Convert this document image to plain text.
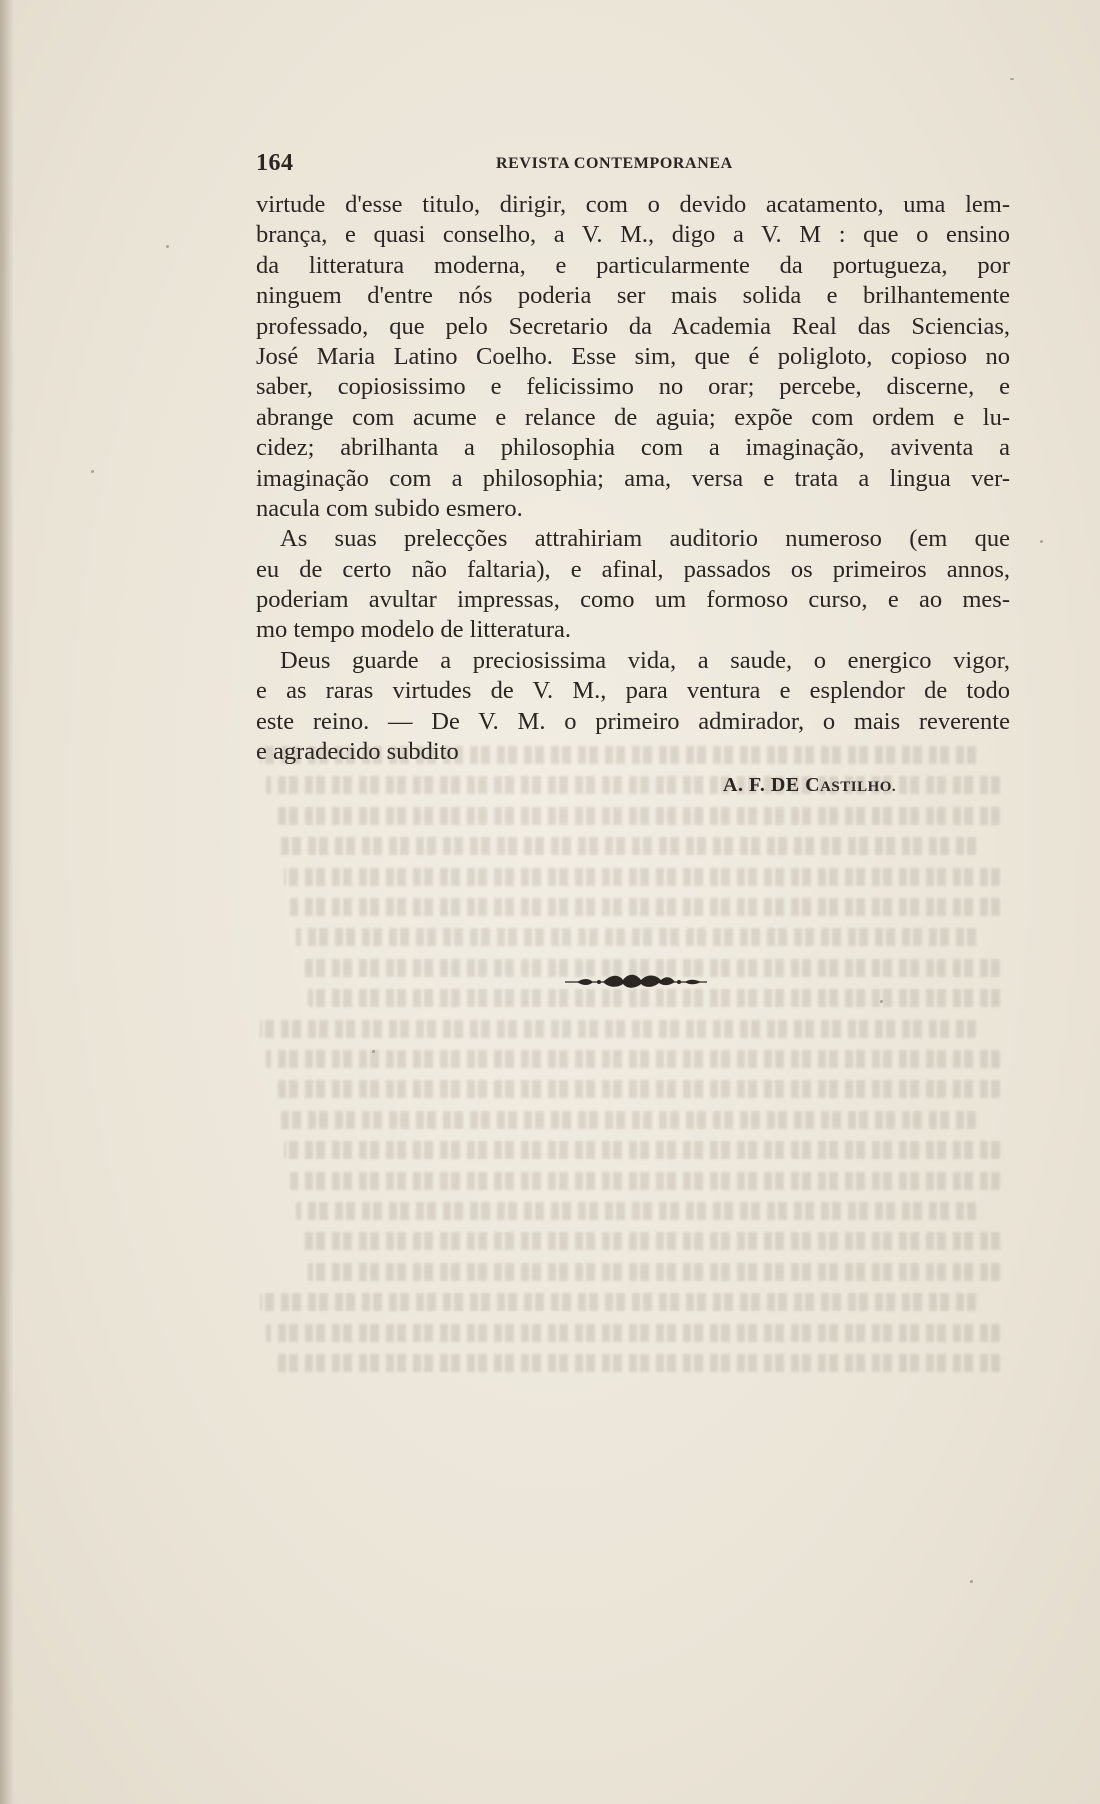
164	REVISTA CONTEMPORANEA
virtude d'esse titulo, dirigir, com o devido acatamento, uma lem-
brança, e quasi conselho, a V. M., digo a V. M : que o ensino
da litteratura moderna, e particularmente da portugueza, por
ninguem d'entre nós poderia ser mais solida e brilhantemente
professado, que pelo Secretario da Academia Real das Sciencias,
José Maria Latino Coelho. Esse sim, que é poligloto, copioso no
saber, copiosissimo e felicissimo no orar; percebe, discerne, e
abrange com acume e relance de aguia; expõe com ordem e lu-
cidez; abrilhanta a philosophia com a imaginação, aviventa a
imaginação com a philosophia; ama, versa e trata a lingua ver-
nacula com subido esmero.
As suas prelecções attrahiriam auditorio numeroso (em que
eu de certo não faltaria), e afinal, passados os primeiros annos,
poderiam avultar impressas, como um formoso curso, e ao mes-
mo tempo modelo de litteratura.
Deus guarde a preciosissima vida, a saude, o energico vigor,
e as raras virtudes de V. M., para ventura e esplendor de todo
este reino. — De V. M. o primeiro admirador, o mais reverente
e agradecido subdito
A. F. DE CASTILHO.
